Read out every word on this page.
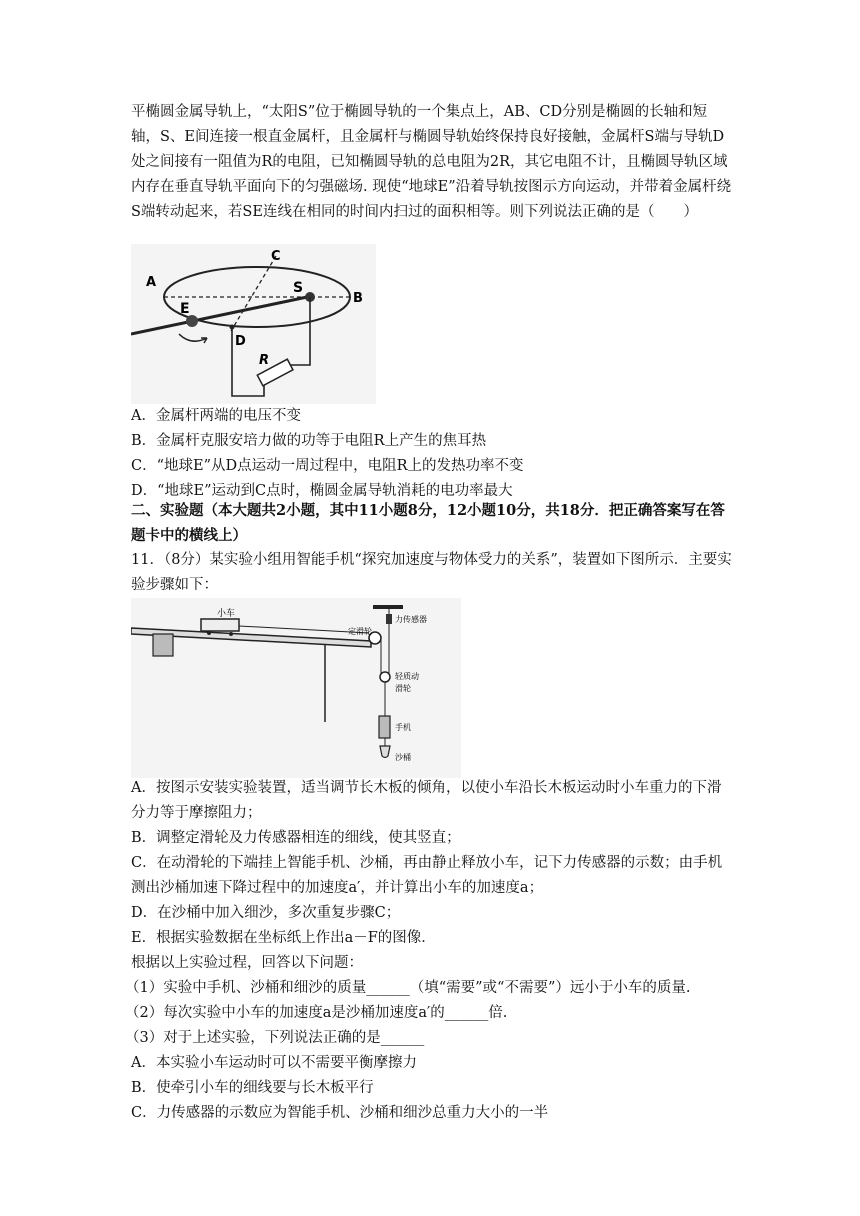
平椭圆金属导轨上，“太阳S”位于椭圆导轨的一个集点上，AB、CD分别是椭圆的长轴和短轴，S、E间连接一根直金属杆，且金属杆与椭圆导轨始终保持良好接触，金属杆S端与导轨D处之间接有一阻值为R的电阻，已知椭圆导轨的总电阻为2R，其它电阻不计，且椭圆导轨区域内存在垂直导轨平面向下的匀强磁场. 现使“地球E”沿着导轨按图示方向运动，并带着金属杆绕S端转动起来，若SE连线在相同的时间内扫过的面积相等。则下列说法正确的是（　　）

A
B
C
D
S
E
R

A．金属杆两端的电压不变

B．金属杆克服安培力做的功等于电阻R上产生的焦耳热

C．“地球E”从D点运动一周过程中，电阻R上的发热功率不变

D．“地球E”运动到C点时，椭圆金属导轨消耗的电功率最大

二、实验题（本大题共2小题，其中11小题8分，12小题10分，共18分．把正确答案写在答题卡中的横线上）

11．（8分）某实验小组用智能手机“探究加速度与物体受力的关系”，装置如下图所示．主要实验步骤如下：

小车
定滑轮
力传感器
轻质动
滑轮
手机
沙桶

A．按图示安装实验装置，适当调节长木板的倾角，以使小车沿长木板运动时小车重力的下滑分力等于摩擦阻力；

B．调整定滑轮及力传感器相连的细线，使其竖直；

C．在动滑轮的下端挂上智能手机、沙桶，再由静止释放小车，记下力传感器的示数；由手机测出沙桶加速下降过程中的加速度a′，并计算出小车的加速度a；

D．在沙桶中加入细沙，多次重复步骤C；

E．根据实验数据在坐标纸上作出a－F的图像．

根据以上实验过程，回答以下问题：

（1）实验中手机、沙桶和细沙的质量______（填“需要”或“不需要”）远小于小车的质量.

（2）每次实验中小车的加速度a是沙桶加速度a′的______倍.

（3）对于上述实验，下列说法正确的是______

A．本实验小车运动时可以不需要平衡摩擦力

B．使牵引小车的细线要与长木板平行

C．力传感器的示数应为智能手机、沙桶和细沙总重力大小的一半
